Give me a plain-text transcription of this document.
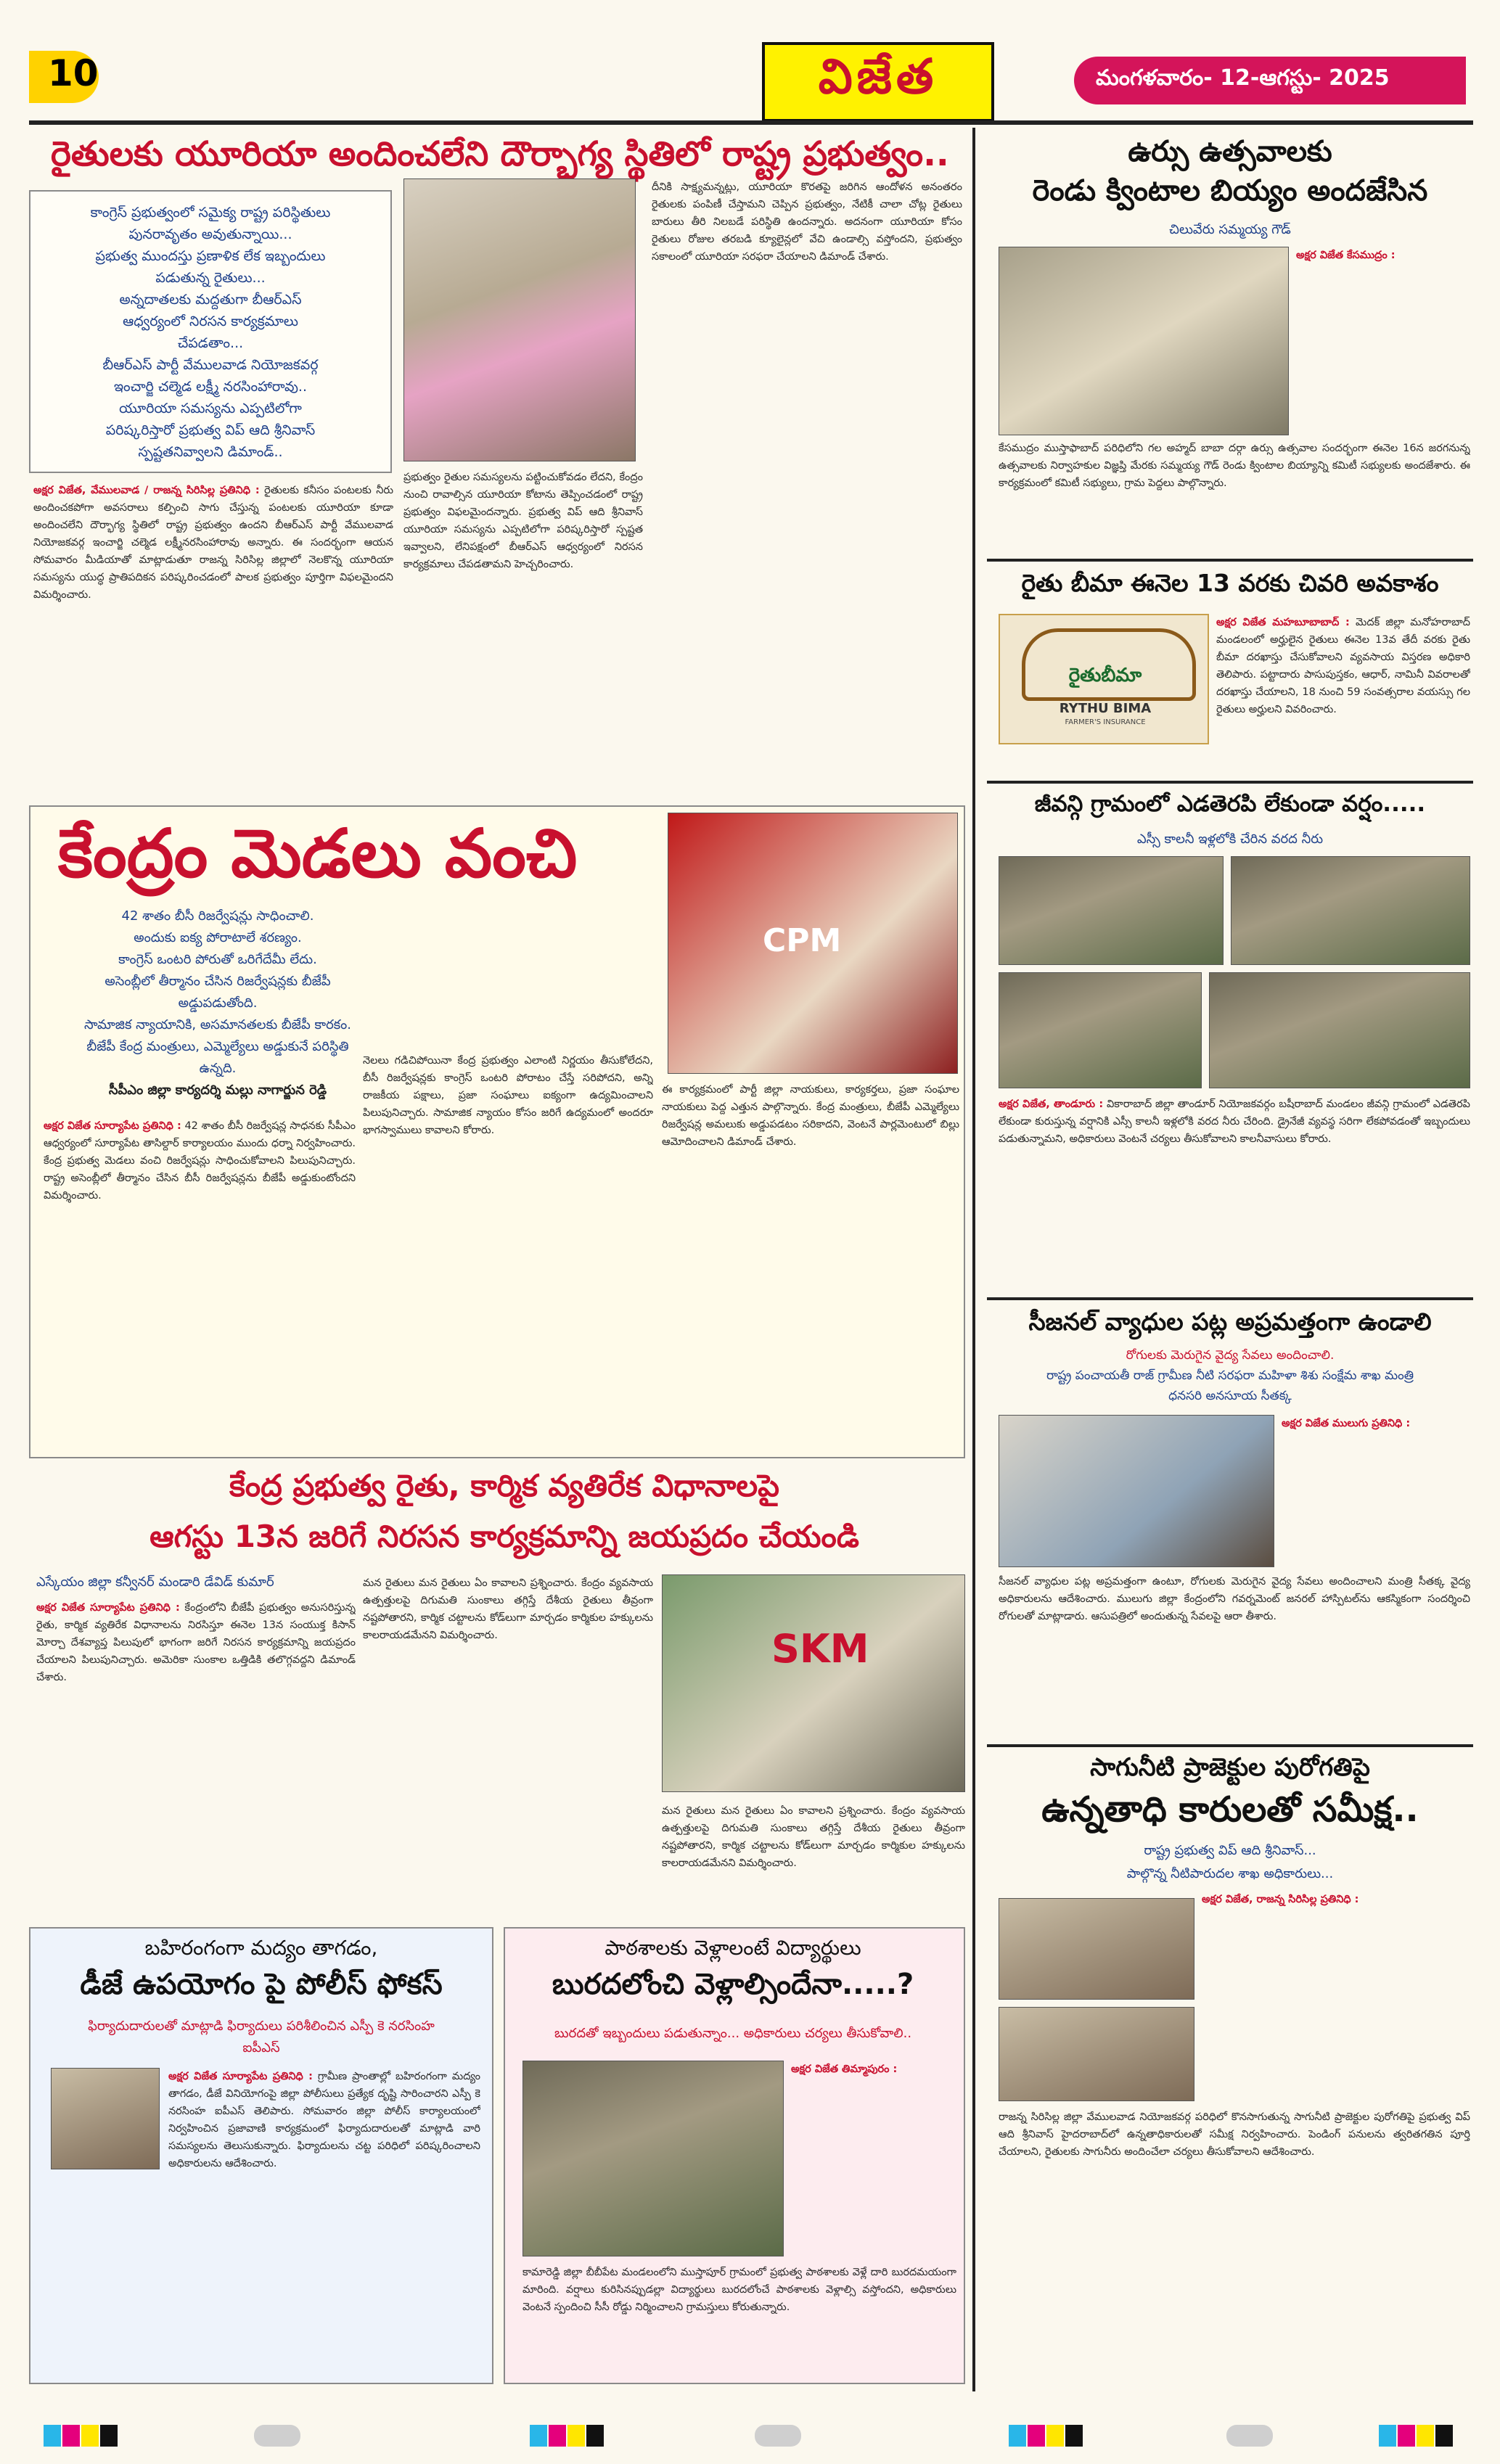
10	విజేత	మంగళవారం- 12-ఆగస్టు- 2025
రైతులకు యూరియా అందించలేని దౌర్భాగ్య స్థితిలో రాష్ట్ర ప్రభుత్వం..
కాంగ్రెస్ ప్రభుత్వంలో సమైక్య రాష్ట్ర పరిస్థితులు
పునరావృతం అవుతున్నాయి...
ప్రభుత్వ ముందస్తు ప్రణాళిక లేక ఇబ్బందులు
పడుతున్న రైతులు...
అన్నదాతలకు మద్దతుగా బీఆర్ఎస్
ఆధ్వర్యంలో నిరసన కార్యక్రమాలు
చేపడతాం...
బీఆర్ఎస్ పార్టీ వేములవాడ నియోజకవర్గ
ఇంచార్జి చల్మెడ లక్ష్మీ నరసింహారావు..
యూరియా సమస్యను ఎప్పటిలోగా
పరిష్కరిస్తారో ప్రభుత్వ విప్ ఆది శ్రీనివాస్
స్పష్టతనివ్వాలని డిమాండ్..
అక్షర విజేత, వేములవాడ / రాజన్న సిరిసిల్ల ప్రతినిధి : రైతులకు కనీసం పంటలకు నీరు అందించకపోగా అవసరాలు కల్పించి సాగు చేస్తున్న పంటలకు యూరియా కూడా అందించలేని దౌర్భాగ్య స్థితిలో రాష్ట్ర ప్రభుత్వం ఉందని బీఆర్ఎస్ పార్టీ వేములవాడ నియోజకవర్గ ఇంచార్జి చల్మెడ లక్ష్మీనరసింహారావు అన్నారు. ఈ సందర్భంగా ఆయన సోమవారం మీడియాతో మాట్లాడుతూ రాజన్న సిరిసిల్ల జిల్లాలో నెలకొన్న యూరియా సమస్యను యుద్ధ ప్రాతిపదికన పరిష్కరించడంలో పాలక ప్రభుత్వం పూర్తిగా విఫలమైందని విమర్శించారు.
ప్రభుత్వం రైతుల సమస్యలను పట్టించుకోవడం లేదని, కేంద్రం నుంచి రావాల్సిన యూరియా కోటాను తెప్పించడంలో రాష్ట్ర ప్రభుత్వం విఫలమైందన్నారు. ప్రభుత్వ విప్ ఆది శ్రీనివాస్ యూరియా సమస్యను ఎప్పటిలోగా పరిష్కరిస్తారో స్పష్టత ఇవ్వాలని, లేనిపక్షంలో బీఆర్ఎస్ ఆధ్వర్యంలో నిరసన కార్యక్రమాలు చేపడతామని హెచ్చరించారు.
దీనికి సాక్ష్యమన్నట్లు, యూరియా కొరతపై జరిగిన ఆందోళన అనంతరం రైతులకు పంపిణీ చేస్తామని చెప్పిన ప్రభుత్వం, నేటికీ చాలా చోట్ల రైతులు బారులు తీరి నిలబడే పరిస్థితి ఉందన్నారు. అదనంగా యూరియా కోసం రైతులు రోజుల తరబడి క్యూలైన్లలో వేచి ఉండాల్సి వస్తోందని, ప్రభుత్వం సకాలంలో యూరియా సరఫరా చేయాలని డిమాండ్ చేశారు.
కేంద్రం మెడలు వంచి
42 శాతం బీసీ రిజర్వేషన్లు సాధించాలి.
అందుకు ఐక్య పోరాటాలే శరణ్యం.
కాంగ్రెస్ ఒంటరి పోరుతో ఒరిగేదేమీ లేదు.
అసెంబ్లీలో తీర్మానం చేసిన రిజర్వేషన్లకు బీజేపీ
అడ్డుపడుతోంది.
సామాజిక న్యాయానికి, అసమానతలకు బీజేపీ కారకం.
బీజేపీ కేంద్ర మంత్రులు, ఎమ్మెల్యేలు అడ్డుకునే పరిస్థితి
ఉన్నది.
సీపీఎం జిల్లా కార్యదర్శి మల్లు నాగార్జున రెడ్డి
అక్షర విజేత సూర్యాపేట ప్రతినిధి : 42 శాతం బీసీ రిజర్వేషన్ల సాధనకు సీపీఎం ఆధ్వర్యంలో సూర్యాపేట తాసిల్దార్ కార్యాలయం ముందు ధర్నా నిర్వహించారు. కేంద్ర ప్రభుత్వ మెడలు వంచి రిజర్వేషన్లు సాధించుకోవాలని పిలుపునిచ్చారు. రాష్ట్ర అసెంబ్లీలో తీర్మానం చేసిన బీసీ రిజర్వేషన్లను బీజేపీ అడ్డుకుంటోందని విమర్శించారు.
నెలలు గడిచిపోయినా కేంద్ర ప్రభుత్వం ఎలాంటి నిర్ణయం తీసుకోలేదని, బీసీ రిజర్వేషన్లకు కాంగ్రెస్ ఒంటరి పోరాటం చేస్తే సరిపోదని, అన్ని రాజకీయ పక్షాలు, ప్రజా సంఘాలు ఐక్యంగా ఉద్యమించాలని పిలుపునిచ్చారు. సామాజిక న్యాయం కోసం జరిగే ఉద్యమంలో అందరూ భాగస్వాములు కావాలని కోరారు.
CPM
ఈ కార్యక్రమంలో పార్టీ జిల్లా నాయకులు, కార్యకర్తలు, ప్రజా సంఘాల నాయకులు పెద్ద ఎత్తున పాల్గొన్నారు. కేంద్ర మంత్రులు, బీజేపీ ఎమ్మెల్యేలు రిజర్వేషన్ల అమలుకు అడ్డుపడటం సరికాదని, వెంటనే పార్లమెంటులో బిల్లు ఆమోదించాలని డిమాండ్ చేశారు.
కేంద్ర ప్రభుత్వ రైతు, కార్మిక వ్యతిరేక విధానాలపై
ఆగస్టు 13న జరిగే నిరసన కార్యక్రమాన్ని జయప్రదం చేయండి
ఎస్కేయం జిల్లా కన్వీనర్ మండారి డేవిడ్ కుమార్
అక్షర విజేత సూర్యాపేట ప్రతినిధి : కేంద్రంలోని బీజేపీ ప్రభుత్వం అనుసరిస్తున్న రైతు, కార్మిక వ్యతిరేక విధానాలను నిరసిస్తూ ఈనెల 13న సంయుక్త కిసాన్ మోర్చా దేశవ్యాప్త పిలుపులో భాగంగా జరిగే నిరసన కార్యక్రమాన్ని జయప్రదం చేయాలని పిలుపునిచ్చారు. అమెరికా సుంకాల ఒత్తిడికి తలొగ్గవద్దని డిమాండ్ చేశారు.
మన రైతులు మన రైతులు ఏం కావాలని ప్రశ్నించారు. కేంద్రం వ్యవసాయ ఉత్పత్తులపై దిగుమతి సుంకాలు తగ్గిస్తే దేశీయ రైతులు తీవ్రంగా నష్టపోతారని, కార్మిక చట్టాలను కోడ్‌లుగా మార్చడం కార్మికుల హక్కులను కాలరాయడమేనని విమర్శించారు.	SKM
మన రైతులు మన రైతులు ఏం కావాలని ప్రశ్నించారు. కేంద్రం వ్యవసాయ ఉత్పత్తులపై దిగుమతి సుంకాలు తగ్గిస్తే దేశీయ రైతులు తీవ్రంగా నష్టపోతారని, కార్మిక చట్టాలను కోడ్‌లుగా మార్చడం కార్మికుల హక్కులను కాలరాయడమేనని విమర్శించారు.
బహిరంగంగా మద్యం తాగడం,
డీజే ఉపయోగం పై పోలీస్ ఫోకస్
ఫిర్యాదుదారులతో మాట్లాడి ఫిర్యాదులు పరిశీలించిన ఎస్పీ కె నరసింహ
ఐపీఎస్
అక్షర విజేత సూర్యాపేట ప్రతినిధి : గ్రామీణ ప్రాంతాల్లో బహిరంగంగా మద్యం తాగడం, డీజే వినియోగంపై జిల్లా పోలీసులు ప్రత్యేక దృష్టి సారించారని ఎస్పీ కె నరసింహ ఐపీఎస్ తెలిపారు. సోమవారం జిల్లా పోలీస్ కార్యాలయంలో నిర్వహించిన ప్రజావాణి కార్యక్రమంలో ఫిర్యాదుదారులతో మాట్లాడి వారి సమస్యలను తెలుసుకున్నారు. ఫిర్యాదులను చట్ట పరిధిలో పరిష్కరించాలని అధికారులను ఆదేశించారు.
పాఠశాలకు వెళ్లాలంటే విద్యార్థులు
బురదలోంచి వెళ్లాల్సిందేనా.....?
బురదతో ఇబ్బందులు పడుతున్నాం... అధికారులు చర్యలు తీసుకోవాలి..
అక్షర విజేత తిమ్మాపురం :
కామారెడ్డి జిల్లా బీబీపేట మండలంలోని ముస్తాపూర్ గ్రామంలో ప్రభుత్వ పాఠశాలకు వెళ్లే దారి బురదమయంగా మారింది. వర్షాలు కురిసినప్పుడల్లా విద్యార్థులు బురదలోంచే పాఠశాలకు వెళ్లాల్సి వస్తోందని, అధికారులు వెంటనే స్పందించి సీసీ రోడ్డు నిర్మించాలని గ్రామస్తులు కోరుతున్నారు.
ఉర్సు ఉత్సవాలకు
రెండు క్వింటాల బియ్యం అందజేసిన
చిలువేరు సమ్మయ్య గౌడ్
అక్షర విజేత కేసముద్రం :
కేసముద్రం ముస్తాఫాబాద్ పరిధిలోని గల అహ్మద్ బాబా దర్గా ఉర్సు ఉత్సవాల సందర్భంగా ఈనెల 16న జరగనున్న ఉత్సవాలకు నిర్వాహకుల విజ్ఞప్తి మేరకు సమ్మయ్య గౌడ్ రెండు క్వింటాల బియ్యాన్ని కమిటీ సభ్యులకు అందజేశారు. ఈ కార్యక్రమంలో కమిటీ సభ్యులు, గ్రామ పెద్దలు పాల్గొన్నారు.
రైతు బీమా ఈనెల 13 వరకు చివరి అవకాశం
రైతుబీమా
RYTHU BIMA
FARMER'S INSURANCE
అక్షర విజేత మహబూబాబాద్ : మెదక్ జిల్లా మనోహరాబాద్ మండలంలో అర్హులైన రైతులు ఈనెల 13వ తేదీ వరకు రైతు బీమా దరఖాస్తు చేసుకోవాలని వ్యవసాయ విస్తరణ అధికారి తెలిపారు. పట్టాదారు పాసుపుస్తకం, ఆధార్, నామినీ వివరాలతో దరఖాస్తు చేయాలని, 18 నుంచి 59 సంవత్సరాల వయస్సు గల రైతులు అర్హులని వివరించారు.
జీవన్గి గ్రామంలో ఎడతెరపి లేకుండా వర్షం.....
ఎస్సీ కాలనీ ఇళ్లలోకి చేరిన వరద నీరు
అక్షర విజేత, తాండూరు : వికారాబాద్ జిల్లా తాండూర్ నియోజకవర్గం బషీరాబాద్ మండలం జీవన్గి గ్రామంలో ఎడతెరపి లేకుండా కురుస్తున్న వర్షానికి ఎస్సీ కాలనీ ఇళ్లలోకి వరద నీరు చేరింది. డ్రైనేజీ వ్యవస్థ సరిగా లేకపోవడంతో ఇబ్బందులు పడుతున్నామని, అధికారులు వెంటనే చర్యలు తీసుకోవాలని కాలనీవాసులు కోరారు.
సీజనల్ వ్యాధుల పట్ల అప్రమత్తంగా ఉండాలి
రోగులకు మెరుగైన వైద్య సేవలు అందించాలి.
రాష్ట్ర పంచాయతీ రాజ్ గ్రామీణ నీటి సరఫరా మహిళా శిశు సంక్షేమ శాఖ మంత్రి
ధనసరి అనసూయ సీతక్క
అక్షర విజేత ములుగు ప్రతినిధి :
సీజనల్ వ్యాధుల పట్ల అప్రమత్తంగా ఉంటూ, రోగులకు మెరుగైన వైద్య సేవలు అందించాలని మంత్రి సీతక్క వైద్య అధికారులను ఆదేశించారు. ములుగు జిల్లా కేంద్రంలోని గవర్నమెంట్ జనరల్ హాస్పిటల్‌ను ఆకస్మికంగా సందర్శించి రోగులతో మాట్లాడారు. ఆసుపత్రిలో అందుతున్న సేవలపై ఆరా తీశారు.
సాగునీటి ప్రాజెక్టుల పురోగతిపై
ఉన్నతాధి కారులతో సమీక్ష..
రాష్ట్ర ప్రభుత్వ విప్ ఆది శ్రీనివాస్...
పాల్గొన్న నీటిపారుదల శాఖ అధికారులు...
అక్షర విజేత, రాజన్న సిరిసిల్ల ప్రతినిధి :
రాజన్న సిరిసిల్ల జిల్లా వేములవాడ నియోజకవర్గ పరిధిలో కొనసాగుతున్న సాగునీటి ప్రాజెక్టుల పురోగతిపై ప్రభుత్వ విప్ ఆది శ్రీనివాస్ హైదరాబాద్‌లో ఉన్నతాధికారులతో సమీక్ష నిర్వహించారు. పెండింగ్ పనులను త్వరితగతిన పూర్తి చేయాలని, రైతులకు సాగునీరు అందించేలా చర్యలు తీసుకోవాలని ఆదేశించారు.
